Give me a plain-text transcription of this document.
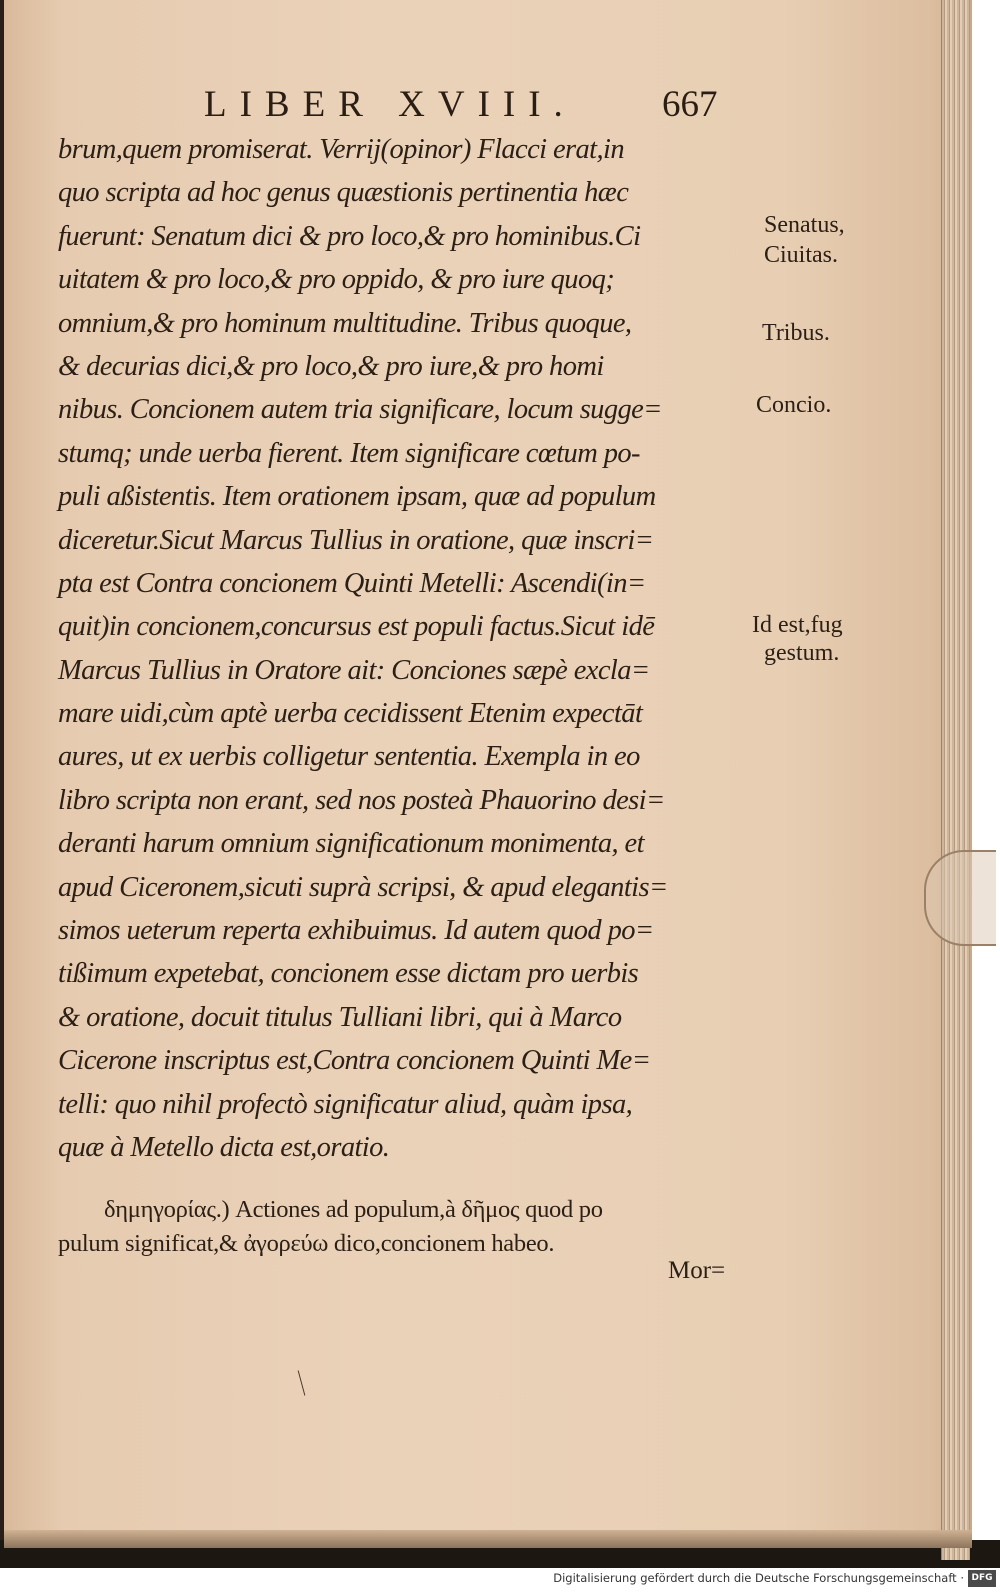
LIBER XVIII. 667
brum,quem promiserat. Verrij(opinor) Flacci erat,in
quo scripta ad hoc genus quæstionis pertinentia hæc
fuerunt: Senatum dici & pro loco,& pro hominibus.Ci
uitatem & pro loco,& pro oppido, & pro iure quoq;
omnium,& pro hominum multitudine. Tribus quoque,
& decurias dici,& pro loco,& pro iure,& pro homi
nibus. Concionem autem tria significare, locum sugge=
stumq; unde uerba fierent. Item significare cœtum po-
puli aßistentis. Item orationem ipsam, quæ ad populum
diceretur.Sicut Marcus Tullius in oratione, quæ inscri=
pta est Contra concionem Quinti Metelli: Ascendi(in=
quit)in concionem,concursus est populi factus.Sicut idē
Marcus Tullius in Oratore ait: Conciones sæpè excla=
mare uidi,cùm aptè uerba cecidissent Etenim expectāt
aures, ut ex uerbis colligetur sententia. Exempla in eo
libro scripta non erant, sed nos posteà Phauorino desi=
deranti harum omnium significationum monimenta, et
apud Ciceronem,sicuti suprà scripsi, & apud elegantis=
simos ueterum reperta exhibuimus. Id autem quod po=
tißimum expetebat, concionem esse dictam pro uerbis
& oratione, docuit titulus Tulliani libri, qui à Marco
Cicerone inscriptus est,Contra concionem Quinti Me=
telli: quo nihil profectò significatur aliud, quàm ipsa,
quæ à Metello dicta est,oratio.
Senatus,
Ciuitas.
Tribus.
Concio.
Id est,fug
gestum.
δημηγορίας.) Actiones ad populum,à δῆμος quod po
pulum significat,& ἀγορεύω dico,concionem habeo.
Mor=
Digitalisierung gefördert durch die Deutsche Forschungsgemeinschaft · DFG
